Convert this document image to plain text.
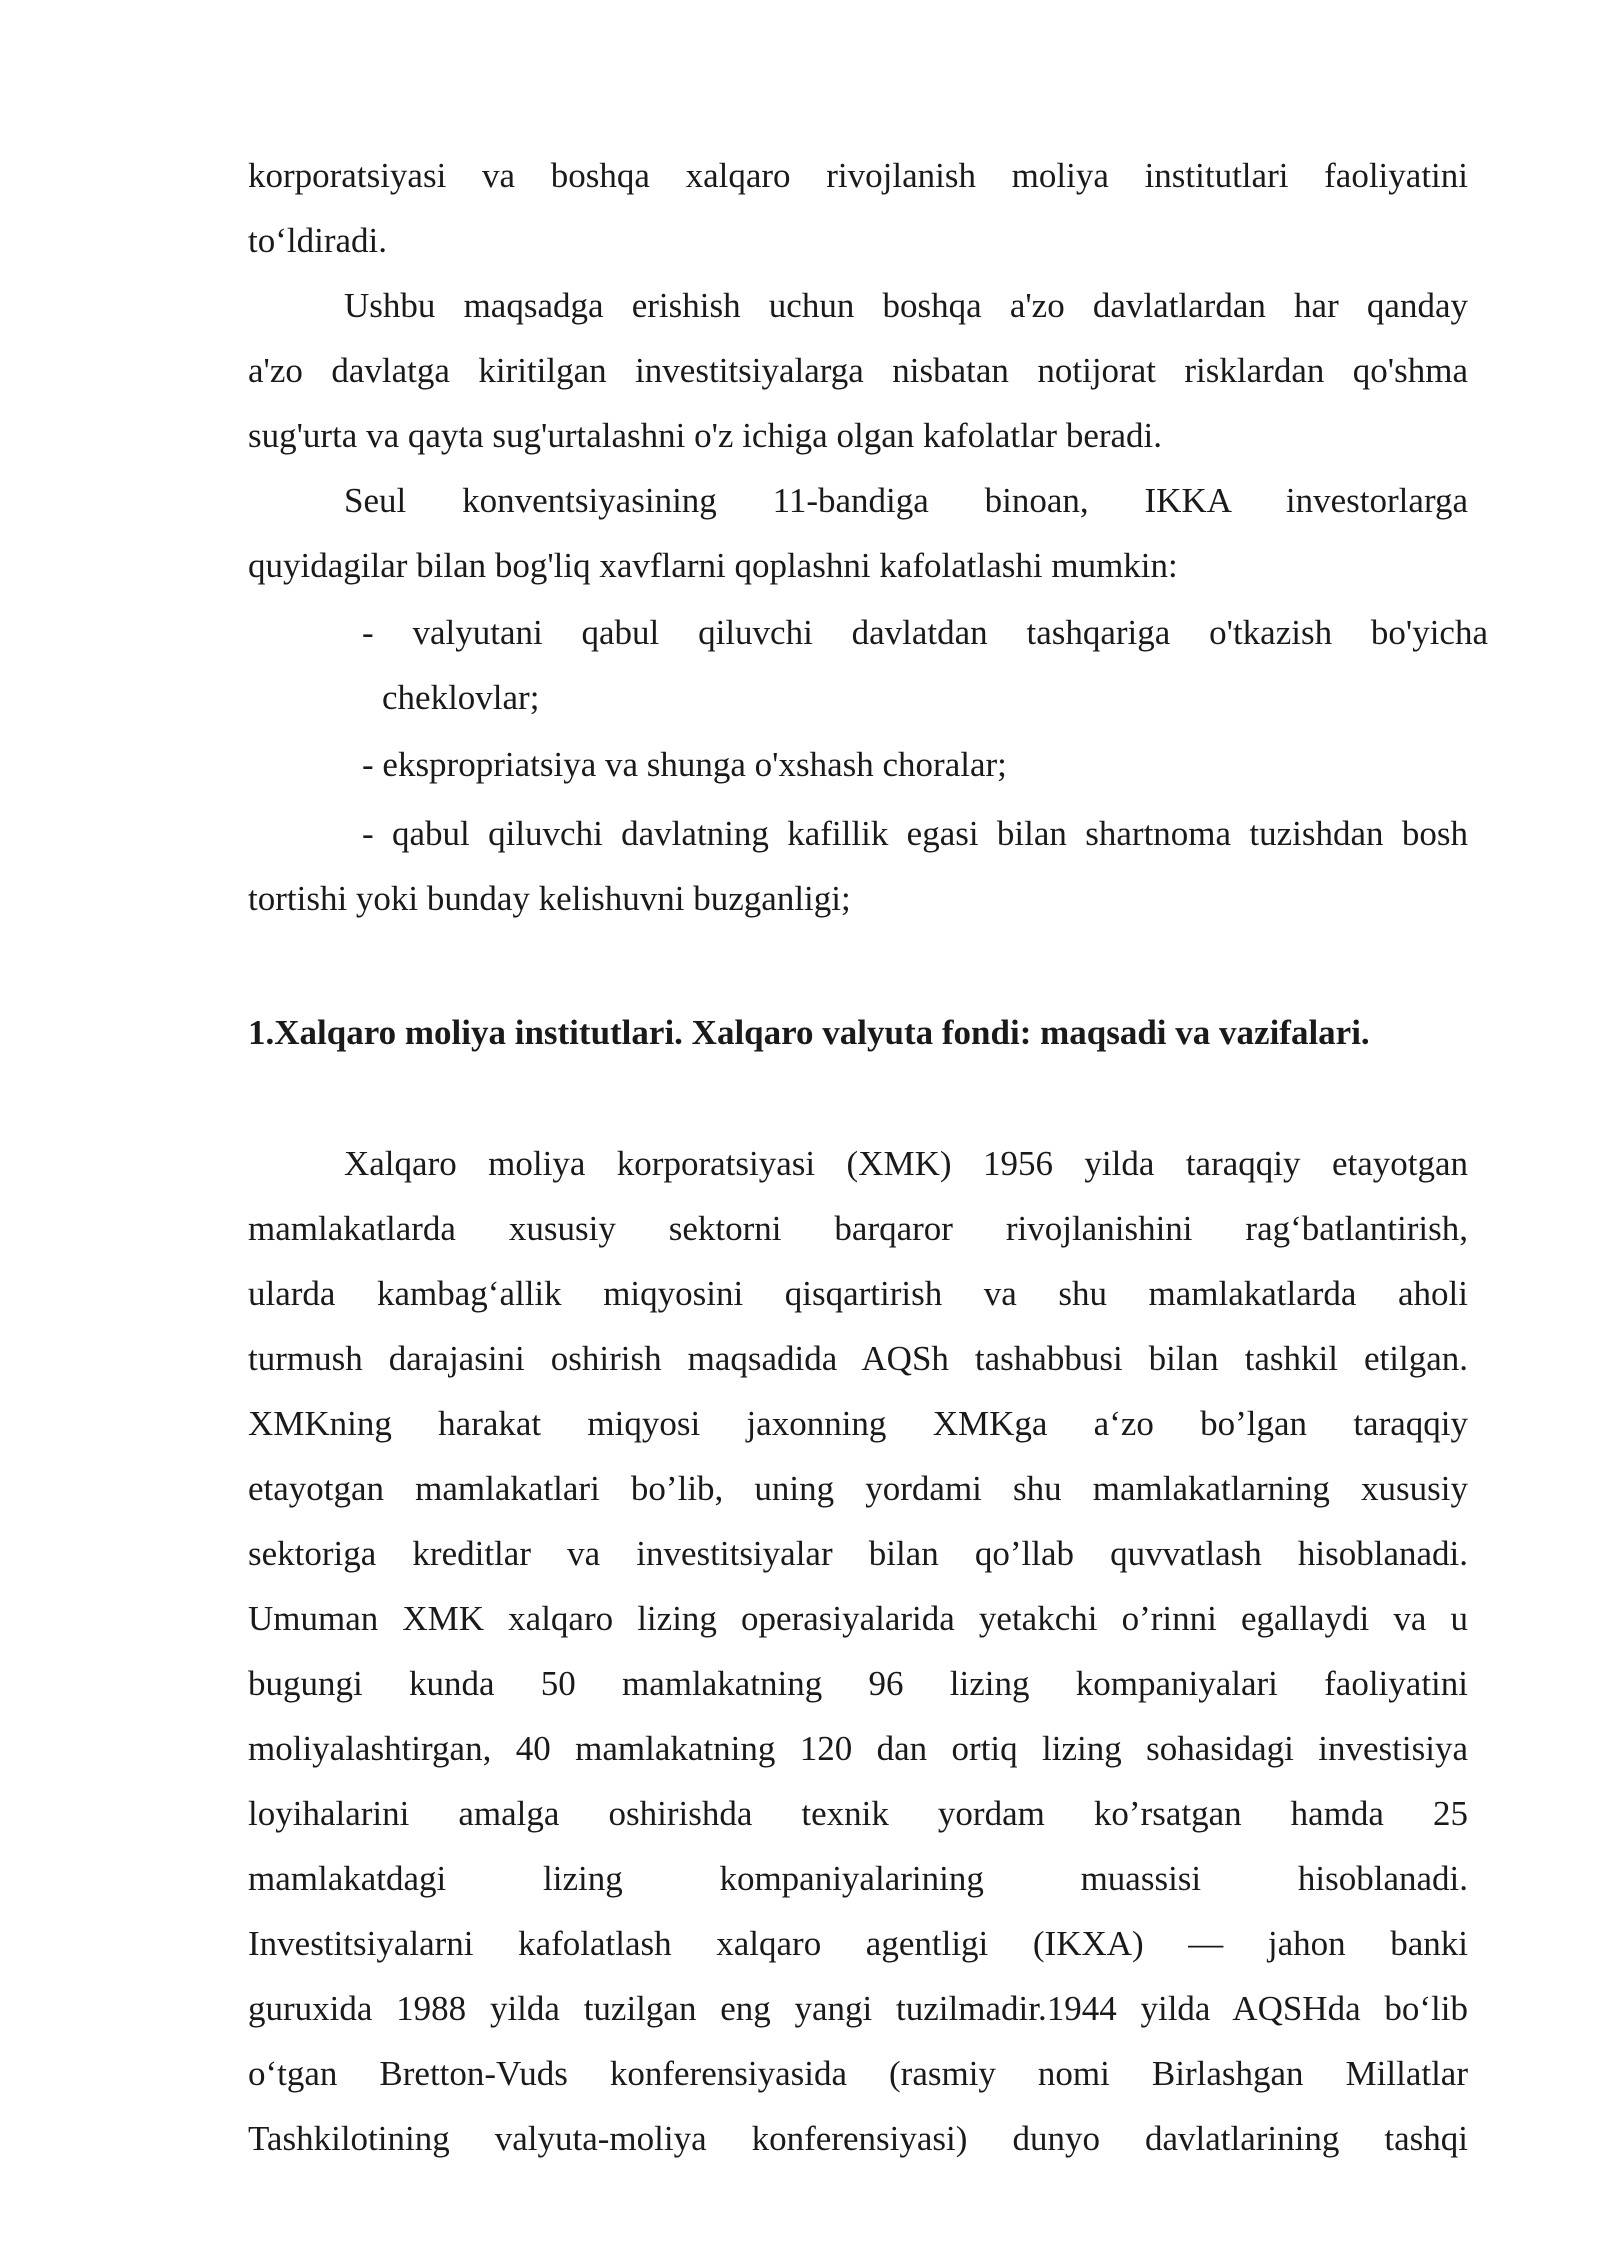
korporatsiyasi va boshqa xalqaro rivojlanish moliya institutlari faoliyatini
to‘ldiradi.
Ushbu maqsadga erishish uchun boshqa a'zo davlatlardan har qanday
a'zo davlatga kiritilgan investitsiyalarga nisbatan notijorat risklardan qo'shma
sug'urta va qayta sug'urtalashni o'z ichiga olgan kafolatlar beradi.
Seul konventsiyasining 11-bandiga binoan, IKKA investorlarga
quyidagilar bilan bog'liq xavflarni qoplashni kafolatlashi mumkin:
- valyutani qabul qiluvchi davlatdan tashqariga o'tkazish bo'yicha
cheklovlar;
- ekspropriatsiya va shunga o'xshash choralar;
- qabul qiluvchi davlatning kafillik egasi bilan shartnoma tuzishdan bosh
tortishi yoki bunday kelishuvni buzganligi;
1.Xalqaro moliya institutlari. Xalqaro valyuta fondi: maqsadi va vazifalari.
Xalqaro moliya korporatsiyasi (XMK) 1956 yilda taraqqiy etayotgan
mamlakatlarda xususiy sektorni barqaror rivojlanishini rag‘batlantirish,
ularda kambag‘allik miqyosini qisqartirish va shu mamlakatlarda aholi
turmush darajasini oshirish maqsadida AQSh tashabbusi bilan tashkil etilgan.
XMKning harakat miqyosi jaxonning XMKga a‘zo bo’lgan taraqqiy
etayotgan mamlakatlari bo’lib, uning yordami shu mamlakatlarning xususiy
sektoriga kreditlar va investitsiyalar bilan qo’llab quvvatlash hisoblanadi.
Umuman XMK xalqaro lizing operasiyalarida yetakchi o’rinni egallaydi va u
bugungi kunda 50 mamlakatning 96 lizing kompaniyalari faoliyatini
moliyalashtirgan, 40 mamlakatning 120 dan ortiq lizing sohasidagi investisiya
loyihalarini amalga oshirishda texnik yordam ko’rsatgan hamda 25
mamlakatdagi lizing kompaniyalarining muassisi hisoblanadi.
Investitsiyalarni kafolatlash xalqaro agentligi (IKXA) — jahon banki
guruxida 1988 yilda tuzilgan eng yangi tuzilmadir.1944 yilda AQSHda bo‘lib
o‘tgan Bretton-Vuds konferensiyasida (rasmiy nomi Birlashgan Millatlar
Tashkilotining valyuta-moliya konferensiyasi) dunyo davlatlarining tashqi
